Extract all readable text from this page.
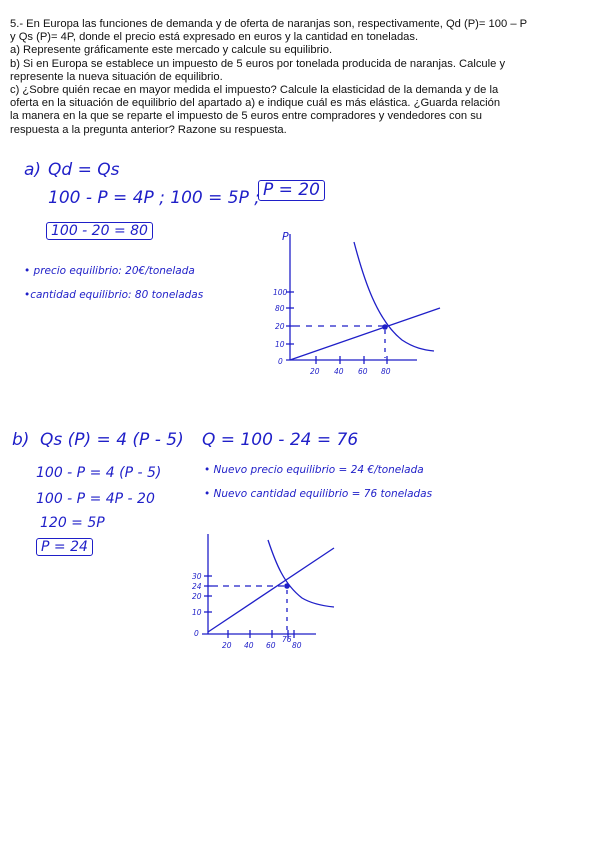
5.- En Europa las funciones de demanda y de oferta de naranjas son, respectivamente, Qd (P)= 100 – P

y Qs (P)= 4P, donde el precio está expresado en euros y la cantidad en toneladas.

a) Represente gráficamente este mercado y calcule su equilibrio.

b) Si en Europa se establece un impuesto de 5 euros por tonelada producida de naranjas. Calcule y

represente la nueva situación de equilibrio.

c) ¿Sobre quién recae en mayor medida el impuesto? Calcule la elasticidad de la demanda y de la

oferta en la situación de equilibrio del apartado a) e indique cuál es más elástica. ¿Guarda relación

la manera en la que se reparte el impuesto de 5 euros entre compradores y vendedores con su

respuesta a la pregunta anterior? Razone su respuesta.

a) Qd = Qs
100 - P = 4P ; 100 = 5P ; P = 20
100 - 20 = 80
• precio equilibrio: 20€/tonelada
•cantidad equilibrio: 80 toneladas
P
100
80
20
10
0
20 40 60 80
b) Qs (P) = 4 (P - 5) Q = 100 - 24 = 76
100 - P = 4 (P - 5)
100 - P = 4P - 20
120 = 5P
P = 24
• Nuevo precio equilibrio = 24 €/tonelada
• Nuevo cantidad equilibrio = 76 toneladas
30
24
20
10
0
20 40 60
76
80
